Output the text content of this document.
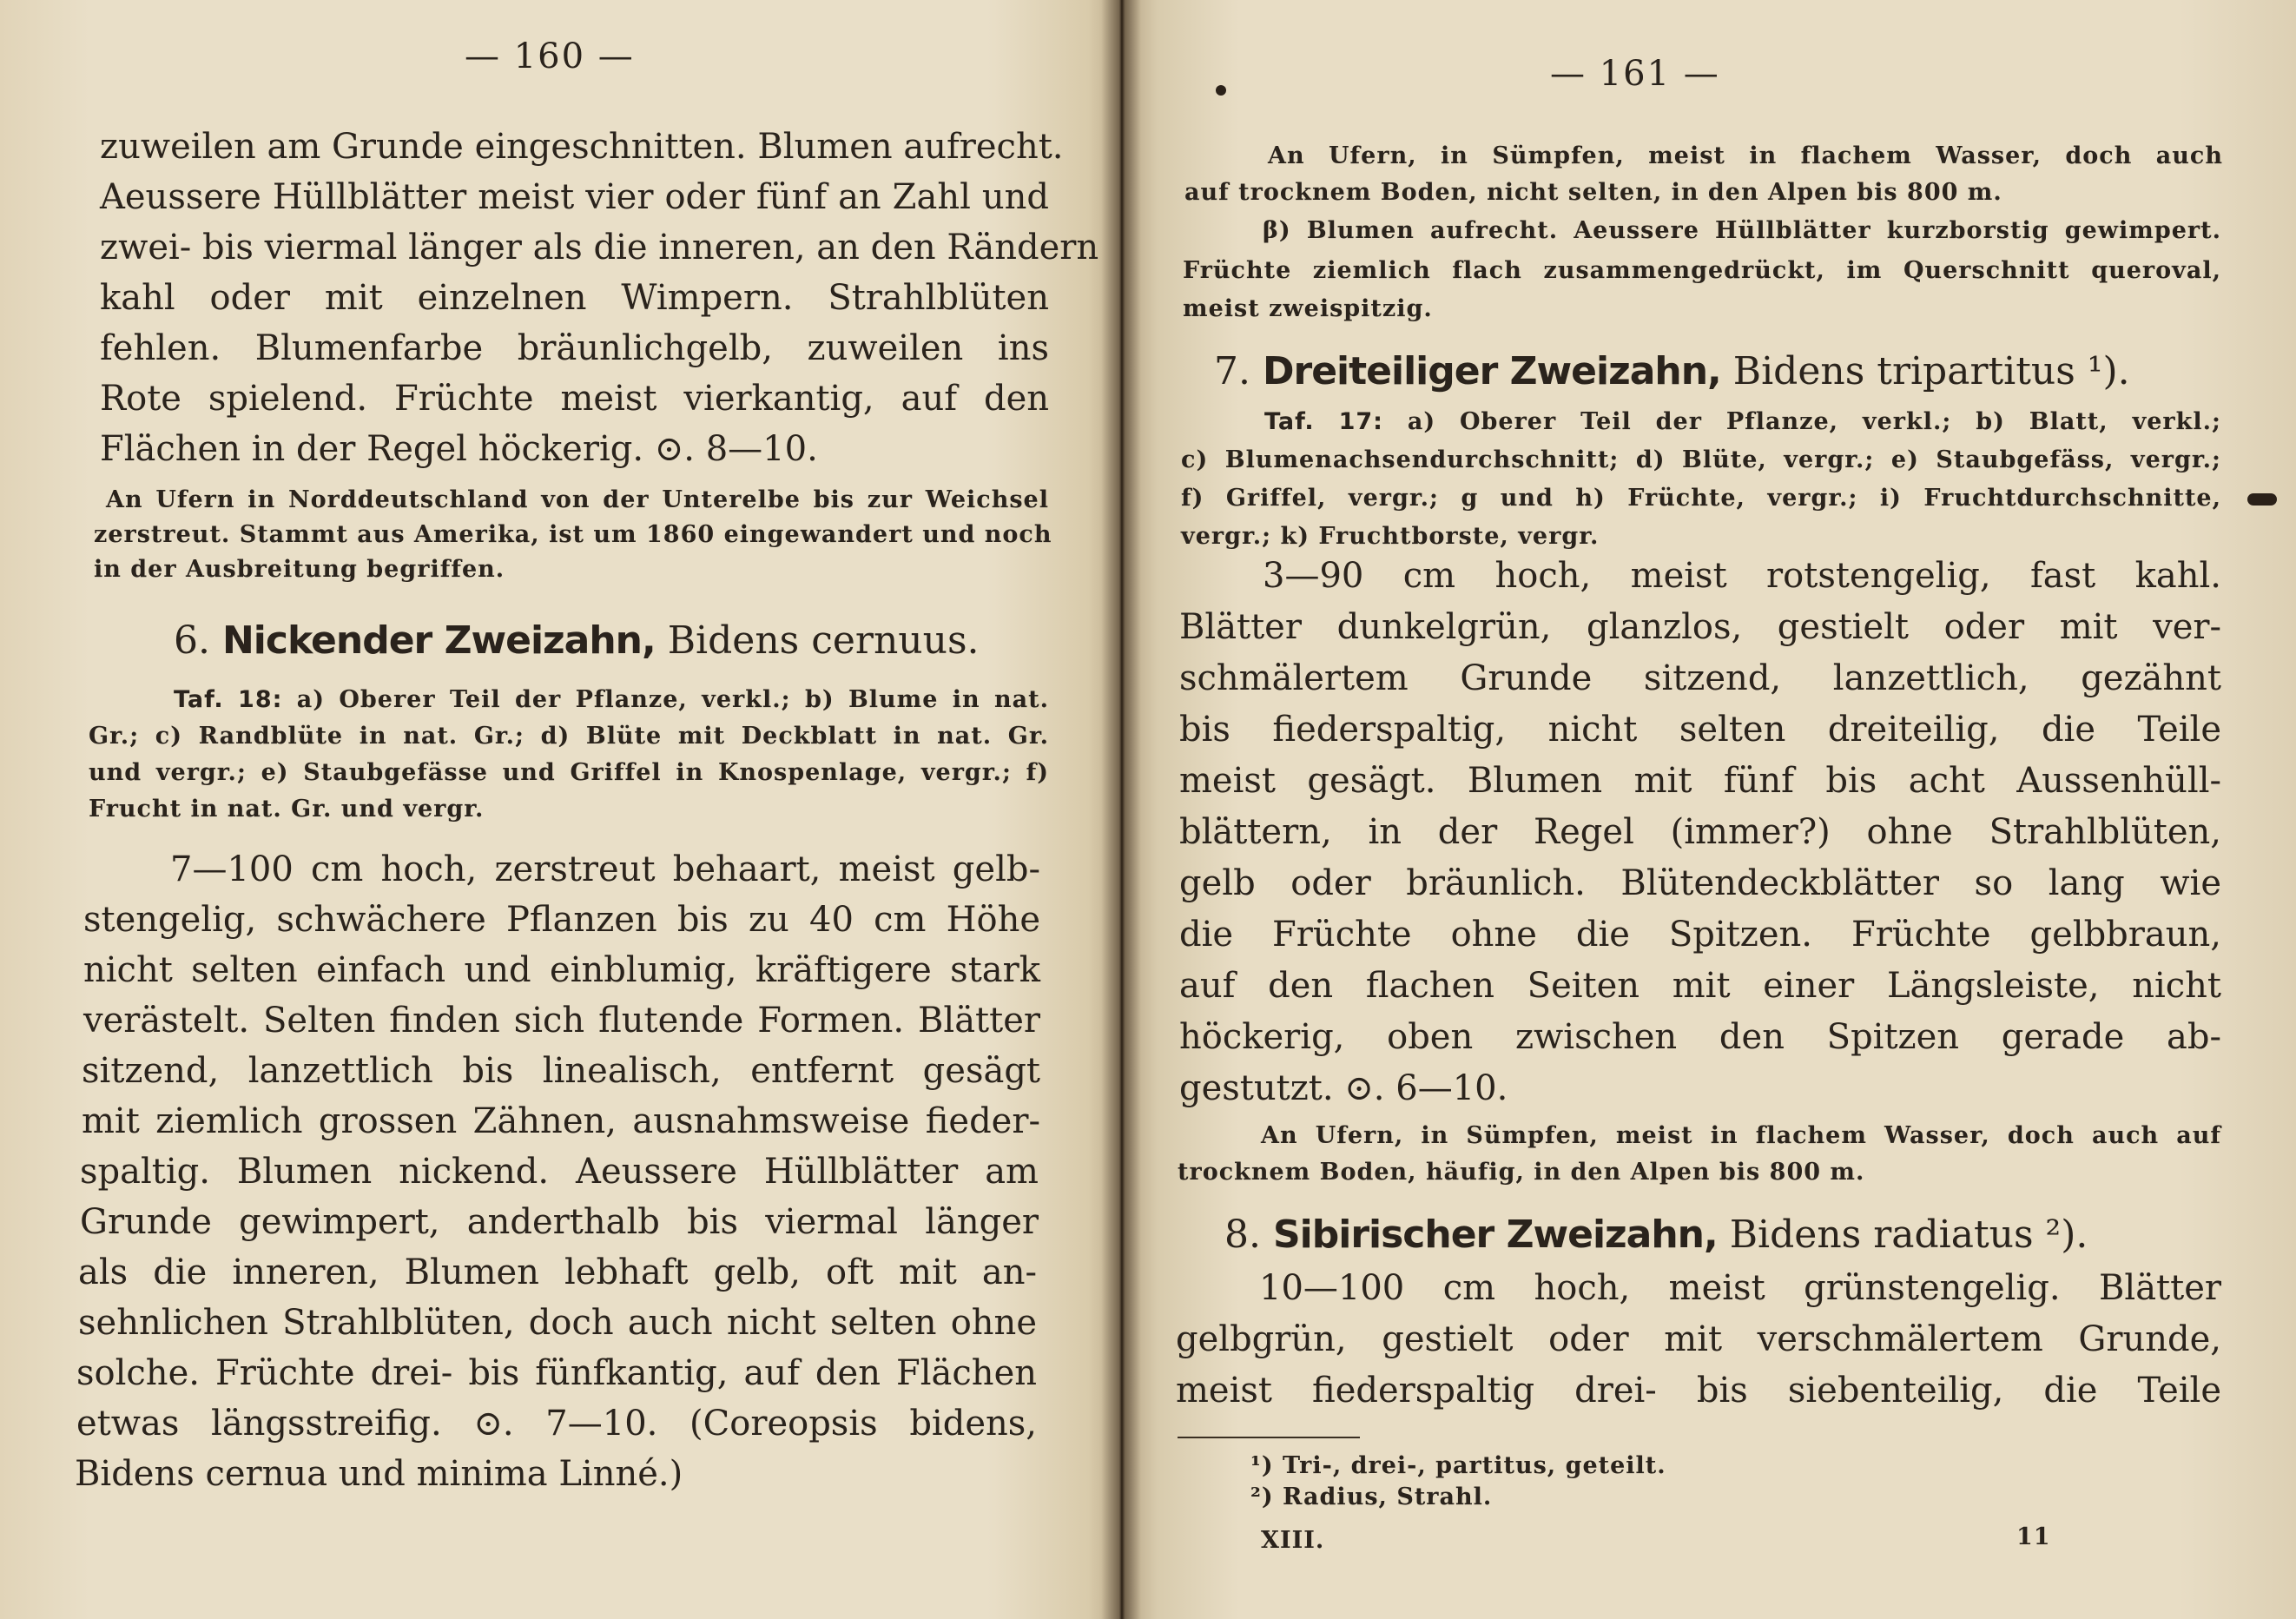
— 160 —
zuweilen am Grunde eingeschnitten. Blumen aufrecht.
Aeussere Hüllblätter meist vier oder fünf an Zahl und
zwei- bis viermal länger als die inneren, an den Rändern
kahl oder mit einzelnen Wimpern. Strahlblüten
fehlen. Blumenfarbe bräunlichgelb, zuweilen ins
Rote spielend. Früchte meist vierkantig, auf den
Flächen in der Regel höckerig. ⊙. 8—10.
An Ufern in Norddeutschland von der Unterelbe bis zur Weichsel
zerstreut. Stammt aus Amerika, ist um 1860 eingewandert und noch
in der Ausbreitung begriffen.
6. Nickender Zweizahn, Bidens cernuus.
Taf. 18: a) Oberer Teil der Pflanze, verkl.; b) Blume in nat.
Gr.; c) Randblüte in nat. Gr.; d) Blüte mit Deckblatt in nat. Gr.
und vergr.; e) Staubgefässe und Griffel in Knospenlage, vergr.; f)
Frucht in nat. Gr. und vergr.
7—100 cm hoch, zerstreut behaart, meist gelb-
stengelig, schwächere Pflanzen bis zu 40 cm Höhe
nicht selten einfach und einblumig, kräftigere stark
verästelt. Selten finden sich flutende Formen. Blätter
sitzend, lanzettlich bis linealisch, entfernt gesägt
mit ziemlich grossen Zähnen, ausnahmsweise fieder-
spaltig. Blumen nickend. Aeussere Hüllblätter am
Grunde gewimpert, anderthalb bis viermal länger
als die inneren, Blumen lebhaft gelb, oft mit an-
sehnlichen Strahlblüten, doch auch nicht selten ohne
solche. Früchte drei- bis fünfkantig, auf den Flächen
etwas längsstreifig. ⊙. 7—10. (Coreopsis bidens,
Bidens cernua und minima Linné.)
— 161 —
An Ufern, in Sümpfen, meist in flachem Wasser, doch auch
auf trocknem Boden, nicht selten, in den Alpen bis 800 m.
β) Blumen aufrecht. Aeussere Hüllblätter kurzborstig gewimpert.
Früchte ziemlich flach zusammengedrückt, im Querschnitt queroval,
meist zweispitzig.
7. Dreiteiliger Zweizahn, Bidens tripartitus ¹).
Taf. 17: a) Oberer Teil der Pflanze, verkl.; b) Blatt, verkl.;
c) Blumenachsendurchschnitt; d) Blüte, vergr.; e) Staubgefäss, vergr.;
f) Griffel, vergr.; g und h) Früchte, vergr.; i) Fruchtdurchschnitte,
vergr.; k) Fruchtborste, vergr.
3—90 cm hoch, meist rotstengelig, fast kahl.
Blätter dunkelgrün, glanzlos, gestielt oder mit ver-
schmälertem Grunde sitzend, lanzettlich, gezähnt
bis fiederspaltig, nicht selten dreiteilig, die Teile
meist gesägt. Blumen mit fünf bis acht Aussenhüll-
blättern, in der Regel (immer?) ohne Strahlblüten,
gelb oder bräunlich. Blütendeckblätter so lang wie
die Früchte ohne die Spitzen. Früchte gelbbraun,
auf den flachen Seiten mit einer Längsleiste, nicht
höckerig, oben zwischen den Spitzen gerade ab-
gestutzt. ⊙. 6—10.
An Ufern, in Sümpfen, meist in flachem Wasser, doch auch auf
trocknem Boden, häufig, in den Alpen bis 800 m.
8. Sibirischer Zweizahn, Bidens radiatus ²).
10—100 cm hoch, meist grünstengelig. Blätter
gelbgrün, gestielt oder mit verschmälertem Grunde,
meist fiederspaltig drei- bis siebenteilig, die Teile
¹) Tri-, drei-, partitus, geteilt.
²) Radius, Strahl.
XIII.	11
